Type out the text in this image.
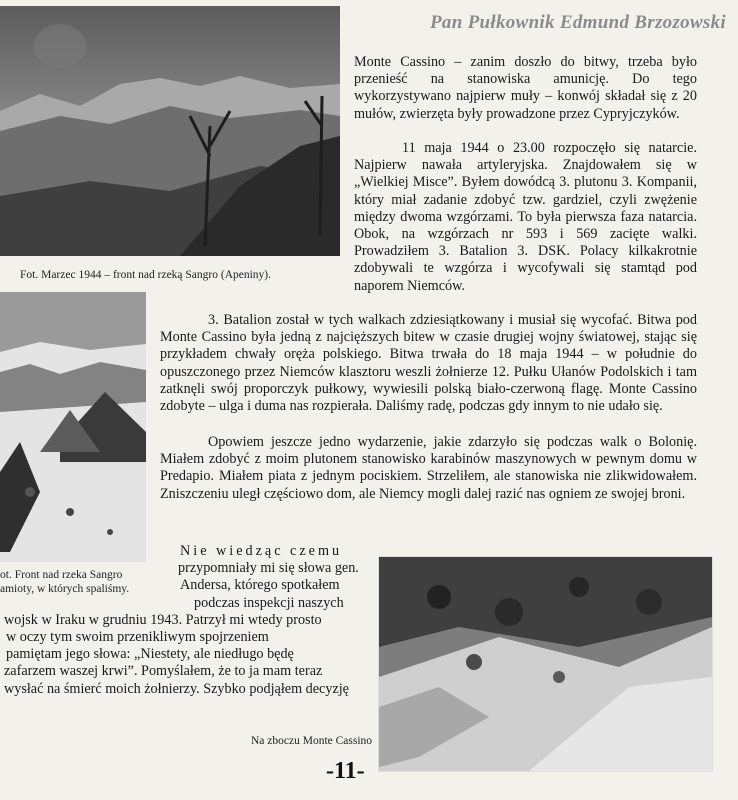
Pan Pułkownik Edmund Brzozowski
Fot. Marzec 1944 – front nad rzeką Sangro (Apeniny).
ot. Front nad rzeka Sangro
amioty, w których spaliśmy.
Na zboczu Monte Cassino

Monte Cassino – zanim doszło do bitwy, trzeba było przenieść na stanowiska amunicję. Do tego wykorzystywano najpierw muły – konwój składał się z 20 mułów, zwierzęta były prowadzone przez Cypryjczyków.

11 maja 1944 o 23.00 rozpoczęło się natarcie. Najpierw nawała artyleryjska. Znajdowałem się w „Wielkiej Misce”. Byłem dowódcą 3. plutonu 3. Kompanii, który miał zadanie zdobyć tzw. gardziel, czyli zwężenie między dwoma wzgórzami. To była pierwsza faza natarcia. Obok, na wzgórzach nr 593 i 569 zacięte walki. Prowadziłem 3. Batalion 3. DSK. Polacy kilkakrotnie zdobywali te wzgórza i wycofywali się stamtąd pod naporem Niemców.

3. Batalion został w tych walkach zdziesiątkowany i musiał się wycofać. Bitwa pod Monte Cassino była jedną z najcięższych bitew w czasie drugiej wojny światowej, stając się przykładem chwały oręża polskiego. Bitwa trwała do 18 maja 1944 – w południe do opuszczonego przez Niemców klasztoru weszli żołnierze 12. Pułku Ułanów Podolskich i tam zatknęli swój proporczyk pułkowy, wywiesili polską biało-czerwoną flagę. Monte Cassino zdobyte – ulga i duma nas rozpierała. Daliśmy radę, podczas gdy innym to nie udało się.

Opowiem jeszcze jedno wydarzenie, jakie zdarzyło się podczas walk o Bolonię. Miałem zdobyć z moim plutonem stanowisko karabinów maszynowych w pewnym domu w Predapio. Miałem piata z jednym pociskiem. Strzeliłem, ale stanowiska nie zlikwidowałem. Zniszczeniu uległ częściowo dom, ale Niemcy mogli dalej razić nas ogniem ze swojej broni.

Nie wiedząc czemu
przypomniały mi się słowa gen.
Andersa, którego spotkałem
podczas inspekcji naszych
wojsk w Iraku w grudniu 1943. Patrzył mi wtedy prosto
w oczy tym swoim przenikliwym spojrzeniem
pamiętam jego słowa: „Niestety, ale niedługo będę
zafarzem waszej krwi”. Pomyślałem, że to ja mam teraz
wysłać na śmierć moich żołnierzy. Szybko podjąłem decyzję
-11-
